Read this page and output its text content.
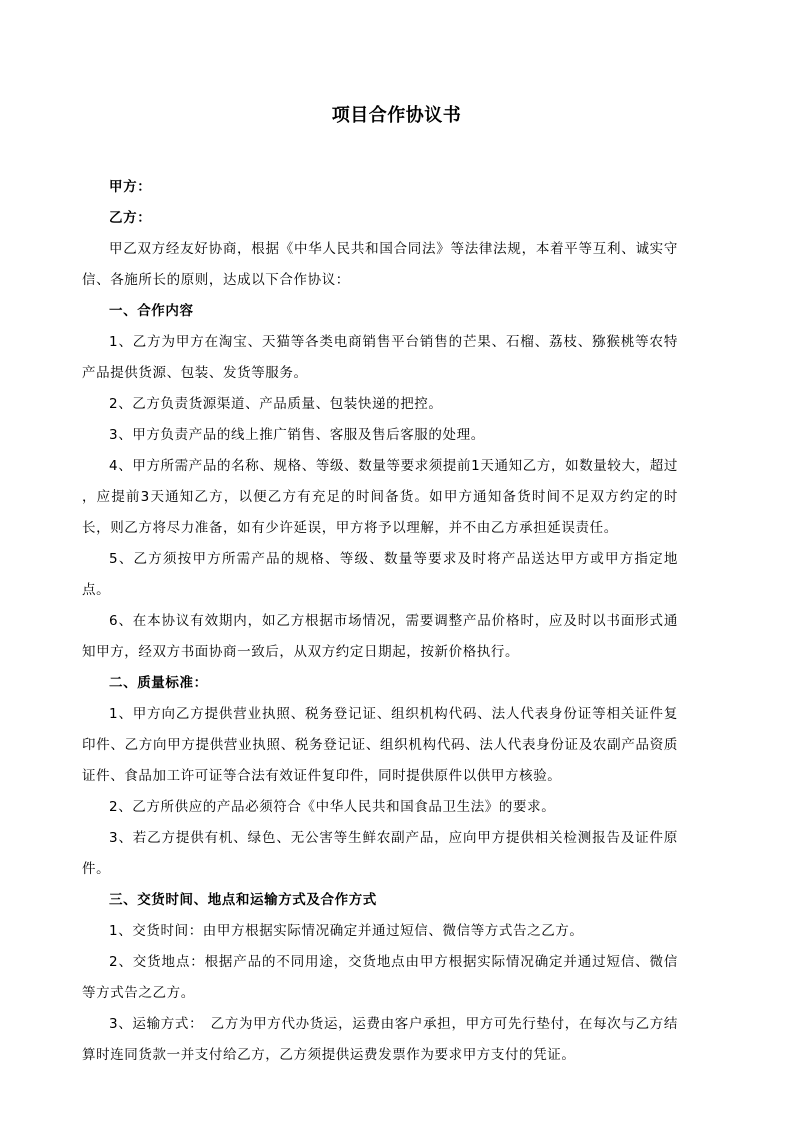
项目合作协议书

甲方：

乙方：

甲乙双方经友好协商，根据《中华人民共和国合同法》等法律法规，本着平等互利、诚实守信、各施所长的原则，达成以下合作协议：

一、合作内容

1、乙方为甲方在淘宝、天猫等各类电商销售平台销售的芒果、石榴、荔枝、猕猴桃等农特产品提供货源、包装、发货等服务。

2、乙方负责货源渠道、产品质量、包装快递的把控。

3、甲方负责产品的线上推广销售、客服及售后客服的处理。

4、甲方所需产品的名称、规格、等级、数量等要求须提前1天通知乙方，如数量较大，超过　　，应提前3天通知乙方，以便乙方有充足的时间备货。如甲方通知备货时间不足双方约定的时长，则乙方将尽力准备，如有少许延误，甲方将予以理解，并不由乙方承担延误责任。

5、乙方须按甲方所需产品的规格、等级、数量等要求及时将产品送达甲方或甲方指定地点。

6、在本协议有效期内，如乙方根据市场情况，需要调整产品价格时，应及时以书面形式通知甲方，经双方书面协商一致后，从双方约定日期起，按新价格执行。

二、质量标准：

1、甲方向乙方提供营业执照、税务登记证、组织机构代码、法人代表身份证等相关证件复印件、乙方向甲方提供营业执照、税务登记证、组织机构代码、法人代表身份证及农副产品资质证件、食品加工许可证等合法有效证件复印件，同时提供原件以供甲方核验。

2、乙方所供应的产品必须符合《中华人民共和国食品卫生法》的要求。

3、若乙方提供有机、绿色、无公害等生鲜农副产品，应向甲方提供相关检测报告及证件原件。

三、交货时间、地点和运输方式及合作方式

1、交货时间：由甲方根据实际情况确定并通过短信、微信等方式告之乙方。

2、交货地点：根据产品的不同用途，交货地点由甲方根据实际情况确定并通过短信、微信等方式告之乙方。

3、运输方式：　乙方为甲方代办货运，运费由客户承担，甲方可先行垫付，在每次与乙方结算时连同货款一并支付给乙方，乙方须提供运费发票作为要求甲方支付的凭证。
